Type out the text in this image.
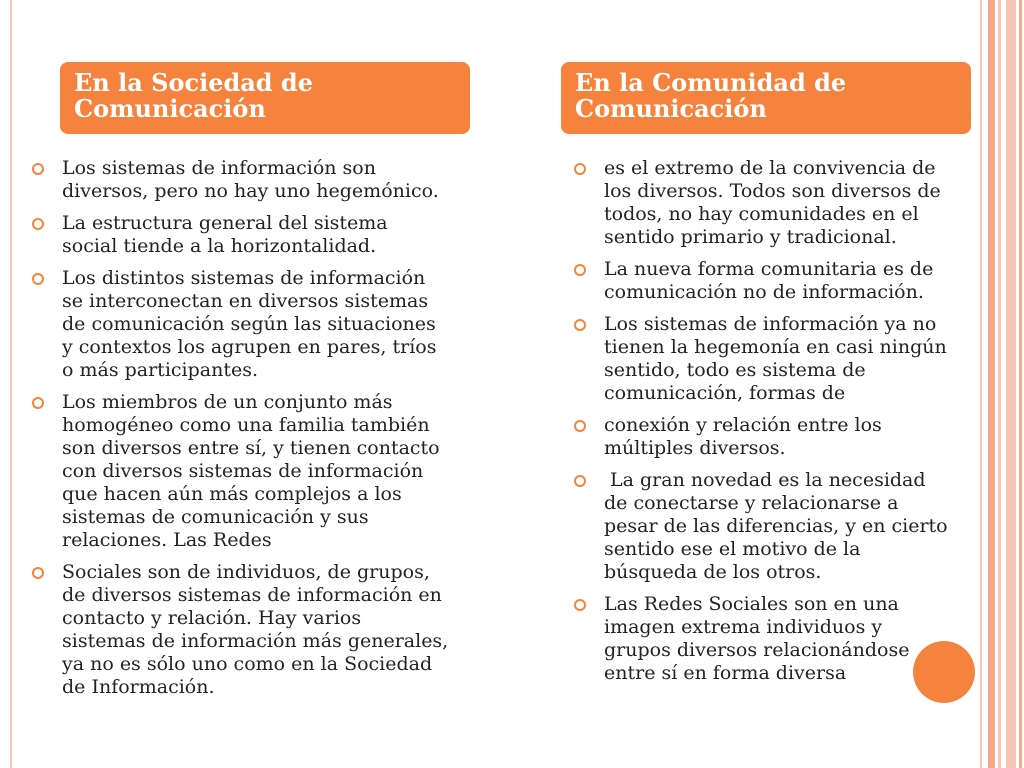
En la Sociedad de
Comunicación
En la Comunidad de
Comunicación
Los sistemas de información son
diversos, pero no hay uno hegemónico.
La estructura general del sistema
social tiende a la horizontalidad.
Los distintos sistemas de información
se interconectan en diversos sistemas
de comunicación según las situaciones
y contextos los agrupen en pares, tríos
o más participantes.
Los miembros de un conjunto más
homogéneo como una familia también
son diversos entre sí, y tienen contacto
con diversos sistemas de información
que hacen aún más complejos a los
sistemas de comunicación y sus
relaciones. Las Redes
Sociales son de individuos, de grupos,
de diversos sistemas de información en
contacto y relación. Hay varios
sistemas de información más generales,
ya no es sólo uno como en la Sociedad
de Información.
es el extremo de la convivencia de
los diversos. Todos son diversos de
todos, no hay comunidades en el
sentido primario y tradicional.
La nueva forma comunitaria es de
comunicación no de información.
Los sistemas de información ya no
tienen la hegemonía en casi ningún
sentido, todo es sistema de
comunicación, formas de
conexión y relación entre los
múltiples diversos.
La gran novedad es la necesidad
de conectarse y relacionarse a
pesar de las diferencias, y en cierto
sentido ese el motivo de la
búsqueda de los otros.
Las Redes Sociales son en una
imagen extrema individuos y
grupos diversos relacionándose
entre sí en forma diversa
